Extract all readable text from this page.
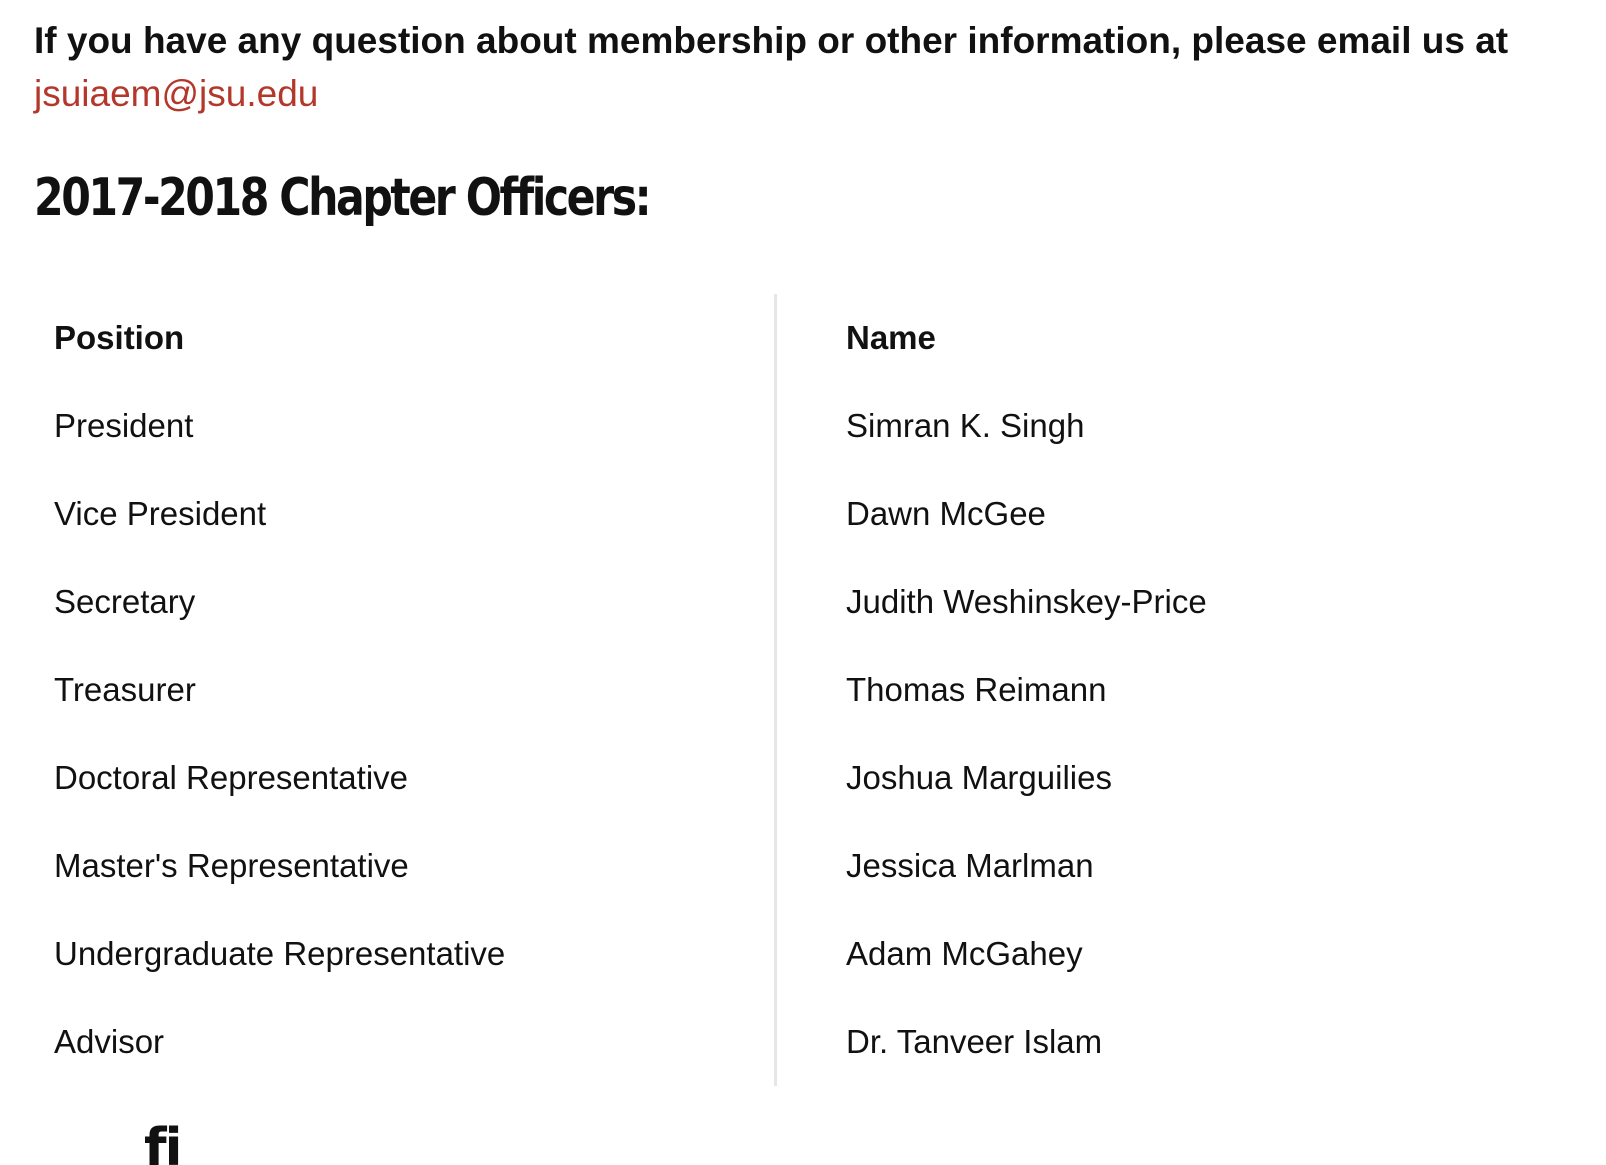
If you have any question about membership or other information, please email us at jsuiaem@jsu.edu

2017-2018 Chapter Officers:
Position	Name
President	Simran K. Singh
Vice President	Dawn McGee
Secretary	Judith Weshinskey-Price
Treasurer	Thomas Reimann
Doctoral Representative	Joshua Marguilies
Master's Representative	Jessica Marlman
Undergraduate Representative	Adam McGahey
Advisor	Dr. Tanveer Islam
fi
